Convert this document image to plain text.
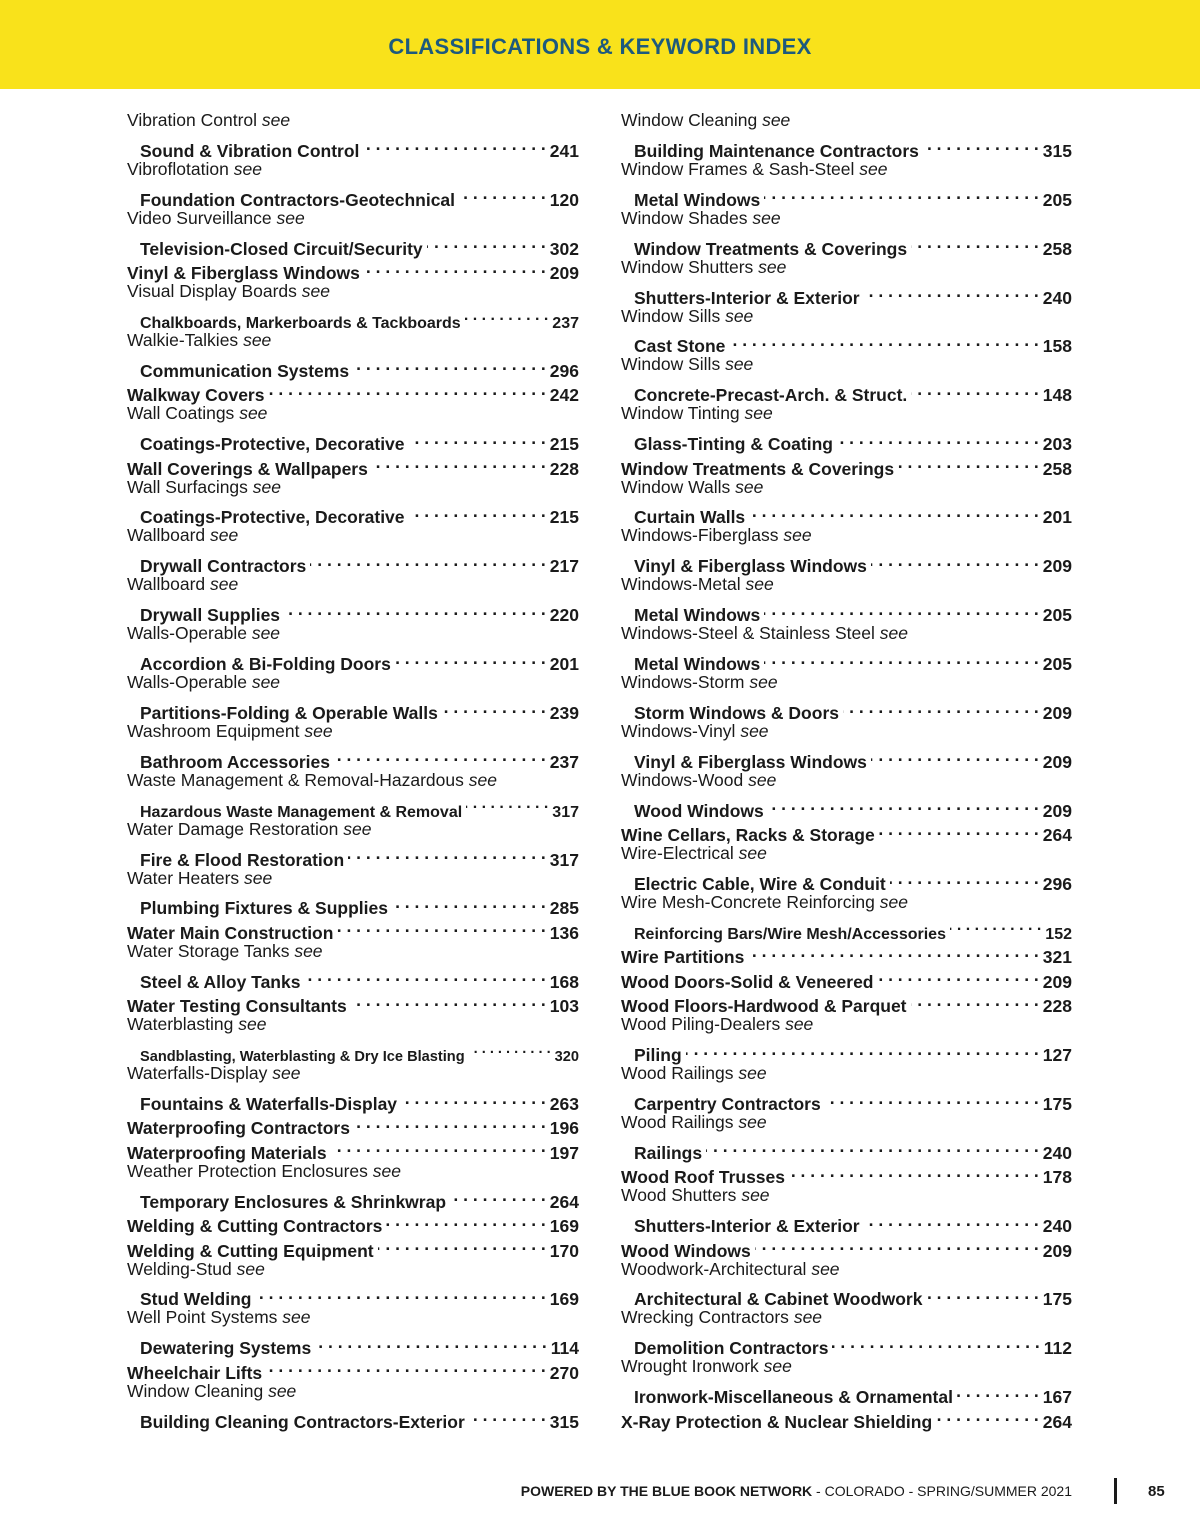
CLASSIFICATIONS & KEYWORD INDEX
Vibration Control see
Sound & Vibration Control . . .	241
Vibroflotation see
Foundation Contractors-Geotechnical . . .	120
Video Surveillance see
Television-Closed Circuit/Security . . .	302
Vinyl & Fiberglass Windows . . .	209
Visual Display Boards see
Chalkboards, Markerboards & Tackboards . . .	237
Walkie-Talkies see
Communication Systems . . .	296
Walkway Covers . . .	242
Wall Coatings see
Coatings-Protective, Decorative . . .	215
Wall Coverings & Wallpapers . . .	228
Wall Surfacings see
Coatings-Protective, Decorative . . .	215
Wallboard see
Drywall Contractors . . .	217
Wallboard see
Drywall Supplies . . .	220
Walls-Operable see
Accordion & Bi-Folding Doors . . .	201
Walls-Operable see
Partitions-Folding & Operable Walls . . .	239
Washroom Equipment see
Bathroom Accessories . . .	237
Waste Management & Removal-Hazardous see
Hazardous Waste Management & Removal . . .	317
Water Damage Restoration see
Fire & Flood Restoration . . .	317
Water Heaters see
Plumbing Fixtures & Supplies . . .	285
Water Main Construction . . .	136
Water Storage Tanks see
Steel & Alloy Tanks . . .	168
Water Testing Consultants . . .	103
Waterblasting see
Sandblasting, Waterblasting & Dry Ice Blasting . . .	320
Waterfalls-Display see
Fountains & Waterfalls-Display . . .	263
Waterproofing Contractors . . .	196
Waterproofing Materials . . .	197
Weather Protection Enclosures see
Temporary Enclosures & Shrinkwrap . . .	264
Welding & Cutting Contractors . . .	169
Welding & Cutting Equipment . . .	170
Welding-Stud see
Stud Welding . . .	169
Well Point Systems see
Dewatering Systems . . .	114
Wheelchair Lifts . . .	270
Window Cleaning see
Building Cleaning Contractors-Exterior . . .	315
Window Cleaning see
Building Maintenance Contractors . . .	315
Window Frames & Sash-Steel see
Metal Windows . . .	205
Window Shades see
Window Treatments & Coverings . . .	258
Window Shutters see
Shutters-Interior & Exterior . . .	240
Window Sills see
Cast Stone . . .	158
Window Sills see
Concrete-Precast-Arch. & Struct. . . .	148
Window Tinting see
Glass-Tinting & Coating . . .	203
Window Treatments & Coverings . . .	258
Window Walls see
Curtain Walls . . .	201
Windows-Fiberglass see
Vinyl & Fiberglass Windows . . .	209
Windows-Metal see
Metal Windows . . .	205
Windows-Steel & Stainless Steel see
Metal Windows . . .	205
Windows-Storm see
Storm Windows & Doors . . .	209
Windows-Vinyl see
Vinyl & Fiberglass Windows . . .	209
Windows-Wood see
Wood Windows . . .	209
Wine Cellars, Racks & Storage . . .	264
Wire-Electrical see
Electric Cable, Wire & Conduit . . .	296
Wire Mesh-Concrete Reinforcing see
Reinforcing Bars/Wire Mesh/Accessories . . .	152
Wire Partitions . . .	321
Wood Doors-Solid & Veneered . . .	209
Wood Floors-Hardwood & Parquet . . .	228
Wood Piling-Dealers see
Piling . . .	127
Wood Railings see
Carpentry Contractors . . .	175
Wood Railings see
Railings . . .	240
Wood Roof Trusses . . .	178
Wood Shutters see
Shutters-Interior & Exterior . . .	240
Wood Windows . . .	209
Woodwork-Architectural see
Architectural & Cabinet Woodwork . . .	175
Wrecking Contractors see
Demolition Contractors . . .	112
Wrought Ironwork see
Ironwork-Miscellaneous & Ornamental . . .	167
X-Ray Protection & Nuclear Shielding . . .	264
POWERED BY THE BLUE BOOK NETWORK - COLORADO - SPRING/SUMMER 2021	85
